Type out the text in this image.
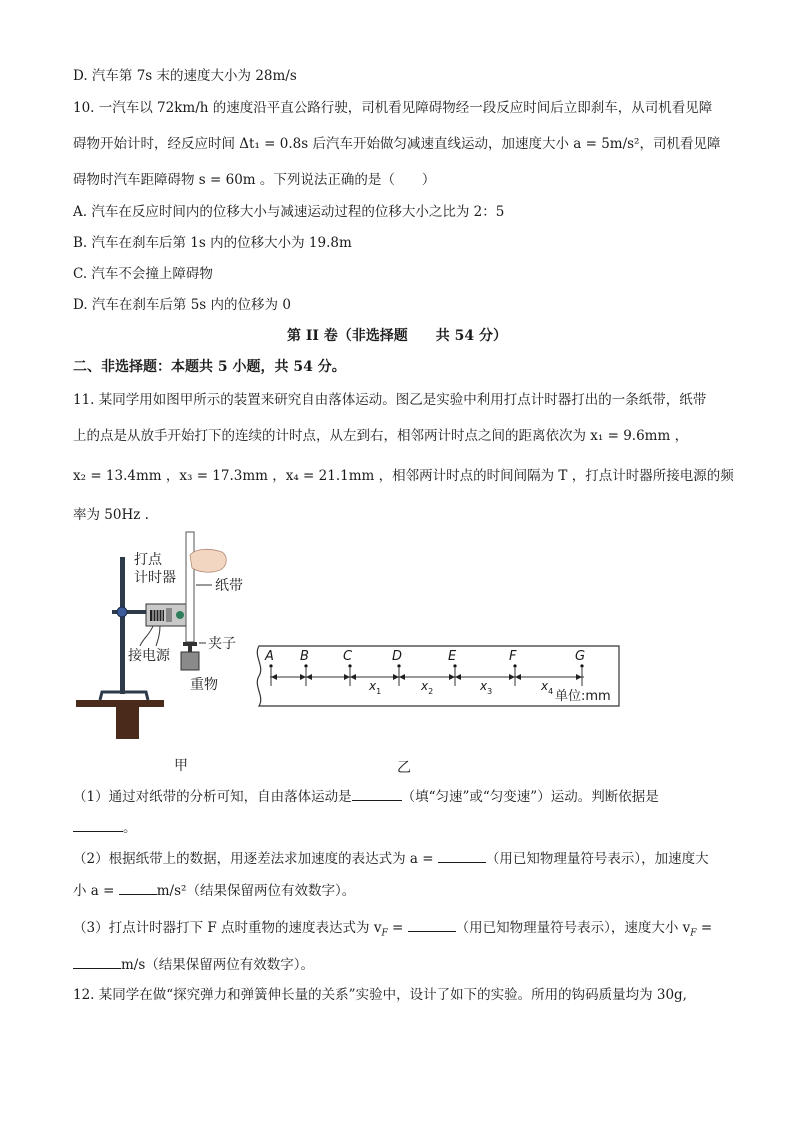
D. 汽车第 7s 末的速度大小为 28m/s
10. 一汽车以 72km/h 的速度沿平直公路行驶，司机看见障碍物经一段反应时间后立即刹车，从司机看见障
碍物开始计时，经反应时间 Δt₁ = 0.8s 后汽车开始做匀减速直线运动，加速度大小 a = 5m/s²，司机看见障
碍物时汽车距障碍物 s = 60m 。下列说法正确的是（　　）
A. 汽车在反应时间内的位移大小与减速运动过程的位移大小之比为 2：5
B. 汽车在刹车后第 1s 内的位移大小为 19.8m
C. 汽车不会撞上障碍物
D. 汽车在刹车后第 5s 内的位移为 0
第 II 卷（非选择题　　共 54 分）
二、非选择题：本题共 5 小题，共 54 分。
11. 某同学用如图甲所示的装置来研究自由落体运动。图乙是实验中利用打点计时器打出的一条纸带，纸带
上的点是从放手开始打下的连续的计时点，从左到右，相邻两计时点之间的距离依次为 x₁ = 9.6mm ，
x₂ = 13.4mm ，x₃ = 17.3mm ，x₄ = 21.1mm ，相邻两计时点的时间间隔为 T ，打点计时器所接电源的频
率为 50Hz .
打点
计时器	纸带
夹子
接电源
重物
A B	C	D	E	F	G
$x_1$	$x_2$	$x_3$	$x_4$ 单位:mm
甲	乙
（1）通过对纸带的分析可知，自由落体运动是	（填“匀速”或“匀变速”）运动。判断依据是
。
（2）根据纸带上的数据，用逐差法求加速度的表达式为 a =	（用已知物理量符号表示），加速度大
小 a =	m/s²（结果保留两位有效数字）。
（3）打点计时器打下 F 点时重物的速度表达式为 $v_F$ =	（用已知物理量符号表示），速度大小 $v_F$ =
m/s（结果保留两位有效数字）。
12. 某同学在做“探究弹力和弹簧伸长量的关系”实验中，设计了如下的实验。所用的钩码质量均为 30g,
